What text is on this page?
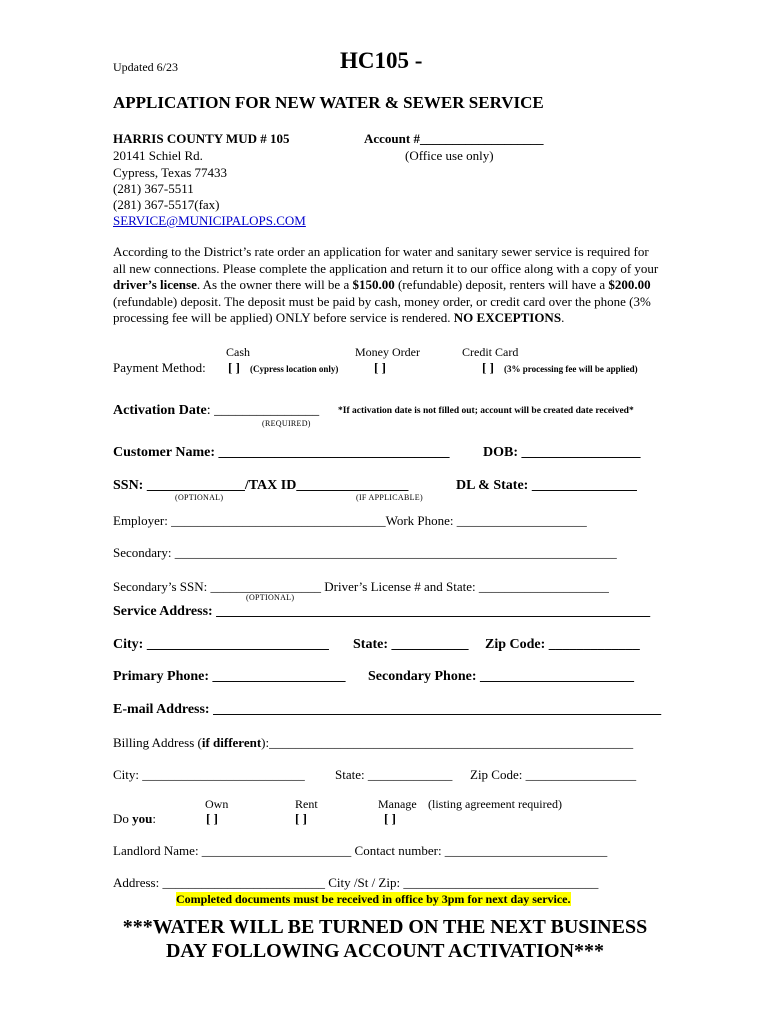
Updated 6/23	HC105 -
APPLICATION FOR NEW WATER & SEWER SERVICE
HARRIS COUNTY MUD # 105
20141 Schiel Rd.
Cypress, Texas 77433
(281) 367-5511
(281) 367-5517(fax)
SERVICE@MUNICIPALOPS.COM
Account #___________________
(Office use only)
According to the District’s rate order an application for water and sanitary sewer service is required for all new connections. Please complete the application and return it to our office along with a copy of your driver’s license. As the owner there will be a $150.00 (refundable) deposit, renters will have a $200.00 (refundable) deposit. The deposit must be paid by cash, money order, or credit card over the phone (3% processing fee will be applied) ONLY before service is rendered. NO EXCEPTIONS.
Cash	Money Order	Credit Card
Payment Method: [ ] (Cypress location only)	[ ]	[ ] (3% processing fee will be applied)
Activation Date: _______________
(REQUIRED)
*If activation date is not filled out; account will be created date received*
Customer Name: _________________________________ DOB: _________________
SSN: ______________/TAX ID________________
(OPTIONAL)	(IF APPLICABLE)
DL & State: _______________
Employer: _________________________________Work Phone: ____________________
Secondary: ____________________________________________________________________
Secondary’s SSN: _________________ Driver’s License # and State: ____________________
(OPTIONAL)
Service Address: ______________________________________________________________
City: __________________________ State: ___________ Zip Code: _____________
Primary Phone: ___________________ Secondary Phone: ______________________
E-mail Address: ________________________________________________________________
Billing Address (if different):________________________________________________________
City: _________________________ State: _____________ Zip Code: _________________
Own	Rent	Manage (listing agreement required)
Do you:	[ ]	[ ]	[ ]
Landlord Name: _______________________ Contact number: _________________________
Address: _________________________ City /St / Zip: ______________________________
Completed documents must be received in office by 3pm for next day service.
***WATER WILL BE TURNED ON THE NEXT BUSINESS DAY FOLLOWING ACCOUNT ACTIVATION***
